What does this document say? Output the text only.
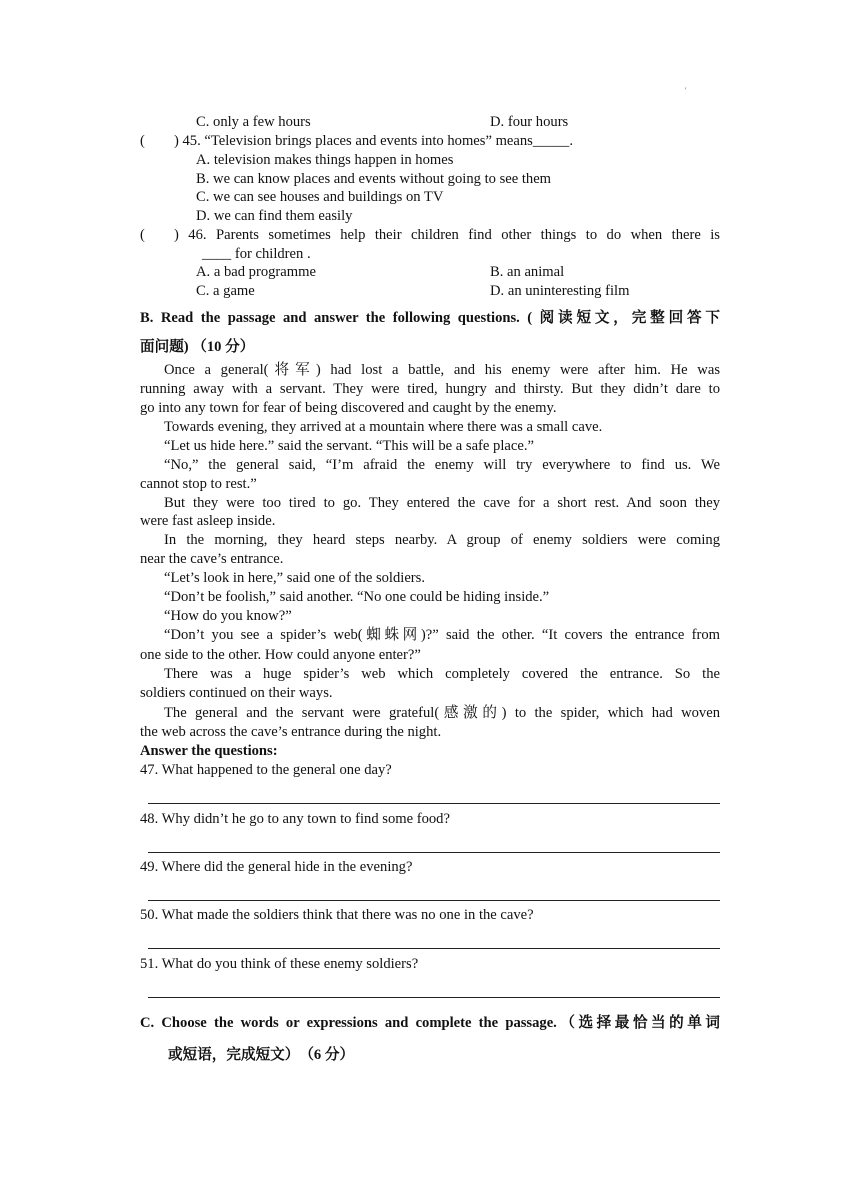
'
C. only a few hours	D. four hours
( ) 45. “Television brings places and events into homes” means_____.
A. television makes things happen in homes
B. we can know places and events without going to see them
C. we can see houses and buildings on TV
D. we can find them easily
( ) 46. Parents sometimes help their children find other things to do when there is
____ for children .
A. a bad programme	B. an animal
C. a game	D. an uninteresting film
B. Read the passage and answer the following questions. ( 阅读短文，完整回答下
面问题) （10 分）
Once a general(将军) had lost a battle, and his enemy were after him. He was
running away with a servant. They were tired, hungry and thirsty. But they didn’t dare to
go into any town for fear of being discovered and caught by the enemy.
Towards evening, they arrived at a mountain where there was a small cave.
“Let us hide here.” said the servant. “This will be a safe place.”
“No,” the general said, “I’m afraid the enemy will try everywhere to find us. We
cannot stop to rest.”
But they were too tired to go. They entered the cave for a short rest. And soon they
were fast asleep inside.
In the morning, they heard steps nearby. A group of enemy soldiers were coming
near the cave’s entrance.
“Let’s look in here,” said one of the soldiers.
“Don’t be foolish,” said another. “No one could be hiding inside.”
“How do you know?”
“Don’t you see a spider’s web(蜘蛛网)?” said the other. “It covers the entrance from
one side to the other. How could anyone enter?”
There was a huge spider’s web which completely covered the entrance. So the
soldiers continued on their ways.
The general and the servant were grateful(感激的) to the spider, which had woven
the web across the cave’s entrance during the night.
Answer the questions:
47. What happened to the general one day?
48. Why didn’t he go to any town to find some food?
49. Where did the general hide in the evening?
50. What made the soldiers think that there was no one in the cave?
51. What do you think of these enemy soldiers?
C. Choose the words or expressions and complete the passage.（选择最恰当的单词
或短语，完成短文）　（6 分）
